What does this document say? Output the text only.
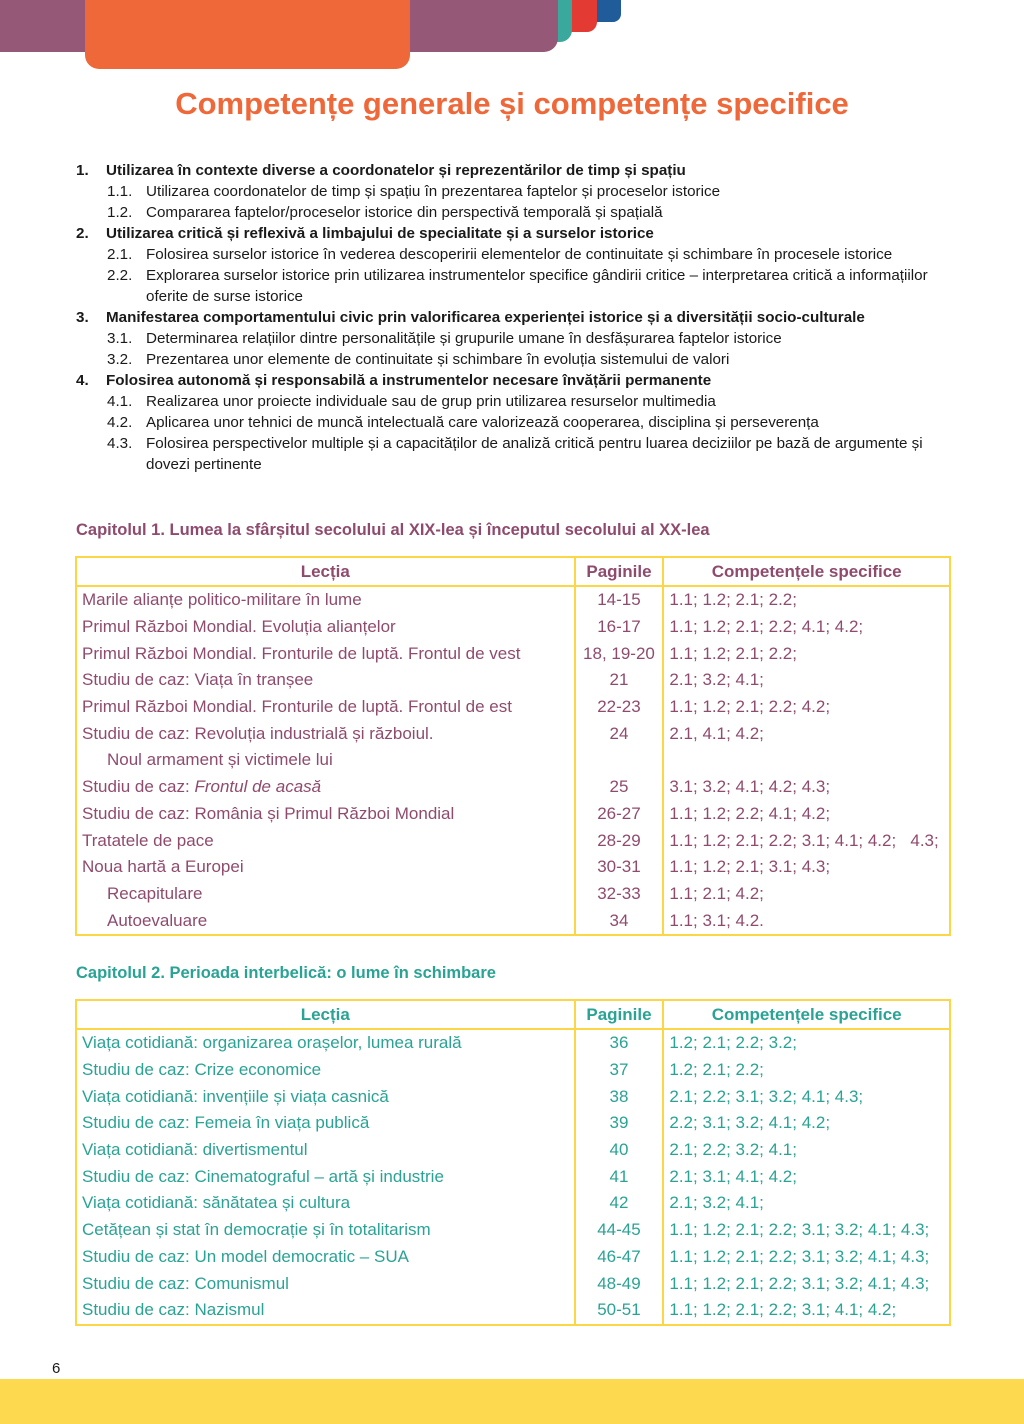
Competențe generale și competențe specifice
1. Utilizarea în contexte diverse a coordonatelor și reprezentărilor de timp și spațiu
1.1. Utilizarea coordonatelor de timp și spațiu în prezentarea faptelor și proceselor istorice
1.2. Compararea faptelor/proceselor istorice din perspectivă temporală și spațială
2. Utilizarea critică și reflexivă a limbajului de specialitate și a surselor istorice
2.1. Folosirea surselor istorice în vederea descoperirii elementelor de continuitate și schimbare în procesele istorice
2.2. Explorarea surselor istorice prin utilizarea instrumentelor specifice gândirii critice – interpretarea critică a informațiilor oferite de surse istorice
3. Manifestarea comportamentului civic prin valorificarea experienței istorice și a diversității socio-culturale
3.1. Determinarea relațiilor dintre personalitățile și grupurile umane în desfășurarea faptelor istorice
3.2. Prezentarea unor elemente de continuitate și schimbare în evoluția sistemului de valori
4. Folosirea autonomă și responsabilă a instrumentelor necesare învățării permanente
4.1. Realizarea unor proiecte individuale sau de grup prin utilizarea resurselor multimedia
4.2. Aplicarea unor tehnici de muncă intelectuală care valorizează cooperarea, disciplina și perseverența
4.3. Folosirea perspectivelor multiple și a capacităților de analiză critică pentru luarea deciziilor pe bază de argumente și dovezi pertinente
Capitolul 1. Lumea la sfârșitul secolului al XIX-lea și începutul secolului al XX-lea
Lecția	Paginile	Competențele specifice
Marile alianțe politico-militare în lume	14-15	1.1; 1.2; 2.1; 2.2;
Primul Război Mondial. Evoluția alianțelor	16-17	1.1; 1.2; 2.1; 2.2; 4.1; 4.2;
Primul Război Mondial. Fronturile de luptă. Frontul de vest	18, 19-20	1.1; 1.2; 2.1; 2.2;
Studiu de caz: Viața în tranșee	21	2.1; 3.2; 4.1;
Primul Război Mondial. Fronturile de luptă. Frontul de est	22-23	1.1; 1.2; 2.1; 2.2; 4.2;
Studiu de caz: Revoluția industrială și războiul.	24	2.1, 4.1; 4.2;
Noul armament și victimele lui		
Studiu de caz: Frontul de acasă	25	3.1; 3.2; 4.1; 4.2; 4.3;
Studiu de caz: România și Primul Război Mondial	26-27	1.1; 1.2; 2.2; 4.1; 4.2;
Tratatele de pace	28-29	1.1; 1.2; 2.1; 2.2; 3.1; 4.1; 4.2;   4.3;
Noua hartă a Europei	30-31	1.1; 1.2; 2.1; 3.1; 4.3;
Recapitulare	32-33	1.1; 2.1; 4.2;
Autoevaluare	34	1.1; 3.1; 4.2.
Capitolul 2. Perioada interbelică: o lume în schimbare
Lecția	Paginile	Competențele specifice
Viața cotidiană: organizarea orașelor, lumea rurală	36	1.2; 2.1; 2.2; 3.2;
Studiu de caz: Crize economice	37	1.2; 2.1; 2.2;
Viața cotidiană: invențiile și viața casnică	38	2.1; 2.2; 3.1; 3.2; 4.1; 4.3;
Studiu de caz: Femeia în viața publică	39	2.2; 3.1; 3.2; 4.1; 4.2;
Viața cotidiană: divertismentul	40	2.1; 2.2; 3.2; 4.1;
Studiu de caz: Cinematograful – artă și industrie	41	2.1; 3.1; 4.1; 4.2;
Viața cotidiană: sănătatea și cultura	42	2.1; 3.2; 4.1;
Cetățean și stat în democrație și în totalitarism	44-45	1.1; 1.2; 2.1; 2.2; 3.1; 3.2; 4.1; 4.3;
Studiu de caz: Un model democratic – SUA	46-47	1.1; 1.2; 2.1; 2.2; 3.1; 3.2; 4.1; 4.3;
Studiu de caz: Comunismul	48-49	1.1; 1.2; 2.1; 2.2; 3.1; 3.2; 4.1; 4.3;
Studiu de caz: Nazismul	50-51	1.1; 1.2; 2.1; 2.2; 3.1; 4.1; 4.2;
6
